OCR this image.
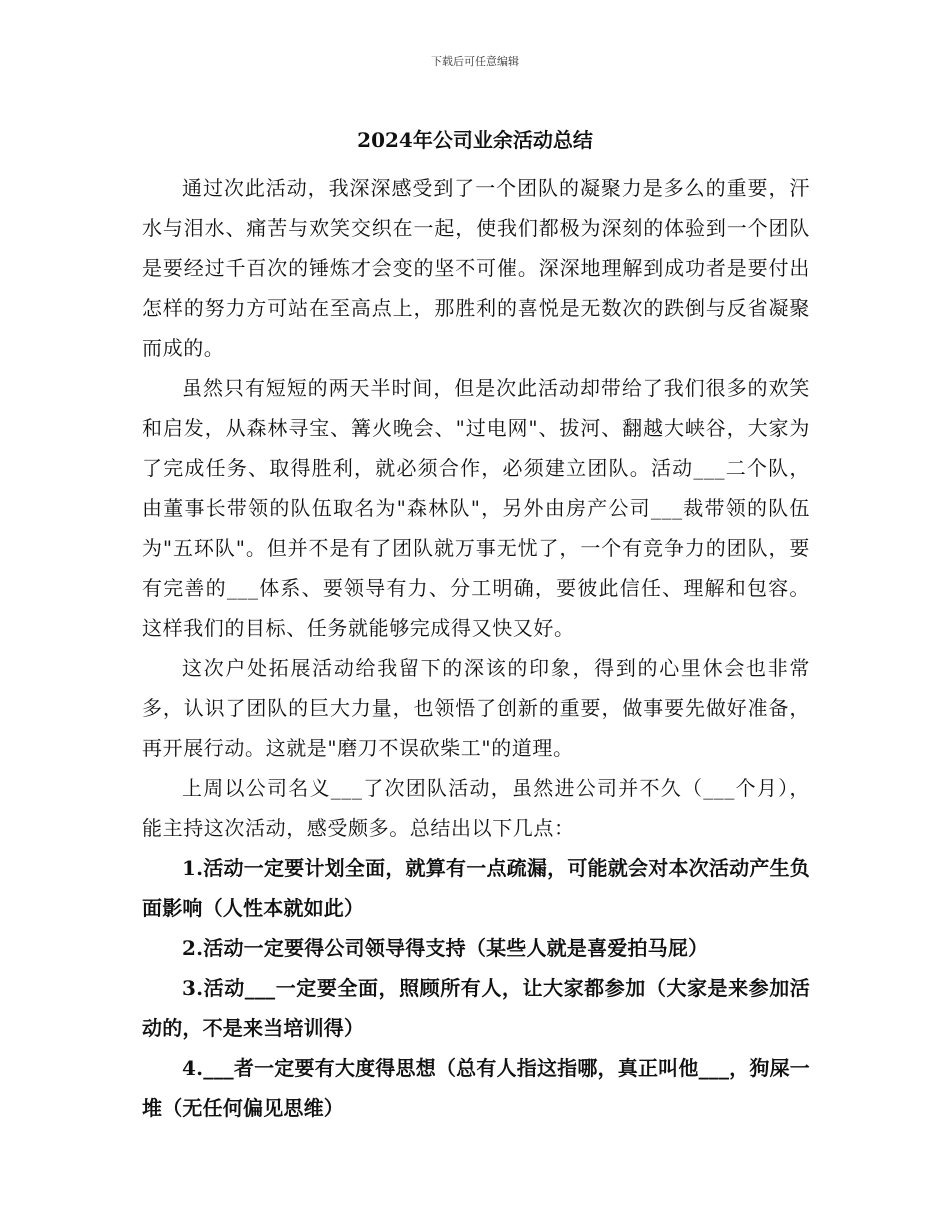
下载后可任意编辑
2024年公司业余活动总结

通过次此活动，我深深感受到了一个团队的凝聚力是多么的重要，汗水与泪水、痛苦与欢笑交织在一起，使我们都极为深刻的体验到一个团队是要经过千百次的锤炼才会变的坚不可催。深深地理解到成功者是要付出怎样的努力方可站在至高点上，那胜利的喜悦是无数次的跌倒与反省凝聚而成的。

虽然只有短短的两天半时间，但是次此活动却带给了我们很多的欢笑和启发，从森林寻宝、篝火晚会、"过电网"、拔河、翻越大峡谷，大家为了完成任务、取得胜利，就必须合作，必须建立团队。活动___二个队，由董事长带领的队伍取名为"森林队"，另外由房产公司___裁带领的队伍为"五环队"。但并不是有了团队就万事无忧了，一个有竞争力的团队，要有完善的___体系、要领导有力、分工明确，要彼此信任、理解和包容。这样我们的目标、任务就能够完成得又快又好。

这次户处拓展活动给我留下的深该的印象，得到的心里休会也非常多，认识了团队的巨大力量，也领悟了创新的重要，做事要先做好准备，再开展行动。这就是"磨刀不误砍柴工"的道理。

上周以公司名义___了次团队活动，虽然进公司并不久（___个月），能主持这次活动，感受颇多。总结出以下几点：

1.活动一定要计划全面，就算有一点疏漏，可能就会对本次活动产生负面影响（人性本就如此）

2.活动一定要得公司领导得支持（某些人就是喜爱拍马屁）

3.活动___一定要全面，照顾所有人，让大家都参加（大家是来参加活动的，不是来当培训得）

4.___者一定要有大度得思想（总有人指这指哪，真正叫他___，狗屎一堆（无任何偏见思维）
